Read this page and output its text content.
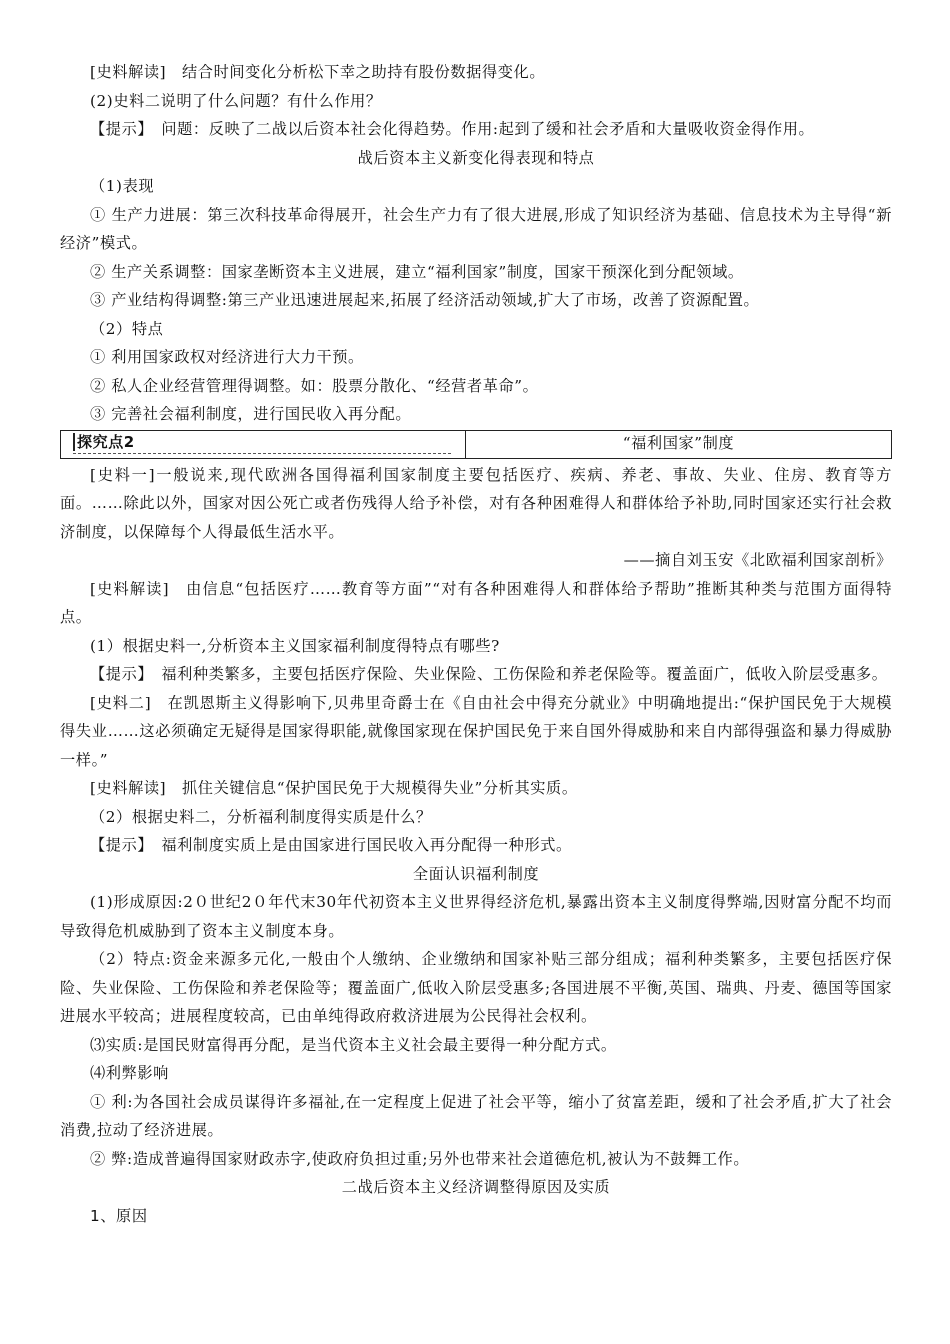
[史料解读]　结合时间变化分析松下幸之助持有股份数据得变化。

(2)史料二说明了什么问题？有什么作用？

【提示】　问题：反映了二战以后资本社会化得趋势。作用:起到了缓和社会矛盾和大量吸收资金得作用。

战后资本主义新变化得表现和特点

（1)表现

① 生产力进展：第三次科技革命得展开，社会生产力有了很大进展,形成了知识经济为基础、信息技术为主导得“新经济”模式。

② 生产关系调整：国家垄断资本主义进展，建立“福利国家”制度，国家干预深化到分配领域。

③ 产业结构得调整:第三产业迅速进展起来,拓展了经济活动领域,扩大了市场，改善了资源配置。

（2）特点

① 利用国家政权对经济进行大力干预。

② 私人企业经营管理得调整。如：股票分散化、“经营者革命”。

③ 完善社会福利制度，进行国民收入再分配。

探究点2	“福利国家”制度

[史料一]一般说来,现代欧洲各国得福利国家制度主要包括医疗、疾病、养老、事故、失业、住房、教育等方面。……除此以外，国家对因公死亡或者伤残得人给予补偿，对有各种困难得人和群体给予补助,同时国家还实行社会救济制度，以保障每个人得最低生活水平。

——摘自刘玉安《北欧福利国家剖析》

[史料解读]　由信息“包括医疗……教育等方面”“对有各种困难得人和群体给予帮助”推断其种类与范围方面得特点。

(1）根据史料一,分析资本主义国家福利制度得特点有哪些?

【提示】　福利种类繁多，主要包括医疗保险、失业保险、工伤保险和养老保险等。覆盖面广，低收入阶层受惠多。

[史料二]　在凯恩斯主义得影响下,贝弗里奇爵士在《自由社会中得充分就业》中明确地提出:“保护国民免于大规模得失业……这必须确定无疑得是国家得职能,就像国家现在保护国民免于来自国外得威胁和来自内部得强盗和暴力得威胁一样。”

[史料解读]　抓住关键信息“保护国民免于大规模得失业”分析其实质。

（2）根据史料二，分析福利制度得实质是什么？

【提示】　福利制度实质上是由国家进行国民收入再分配得一种形式。

全面认识福利制度

(1)形成原因:2０世纪2０年代末30年代初资本主义世界得经济危机,暴露出资本主义制度得弊端,因财富分配不均而导致得危机威胁到了资本主义制度本身。

（2）特点:资金来源多元化,一般由个人缴纳、企业缴纳和国家补贴三部分组成；福利种类繁多，主要包括医疗保险、失业保险、工伤保险和养老保险等；覆盖面广,低收入阶层受惠多;各国进展不平衡,英国、瑞典、丹麦、德国等国家进展水平较高；进展程度较高，已由单纯得政府救济进展为公民得社会权利。

⑶实质:是国民财富得再分配，是当代资本主义社会最主要得一种分配方式。

⑷利弊影响

① 利:为各国社会成员谋得许多福祉,在一定程度上促进了社会平等，缩小了贫富差距，缓和了社会矛盾,扩大了社会消费,拉动了经济进展。

② 弊:造成普遍得国家财政赤字,使政府负担过重;另外也带来社会道德危机,被认为不鼓舞工作。

二战后资本主义经济调整得原因及实质

1、原因
